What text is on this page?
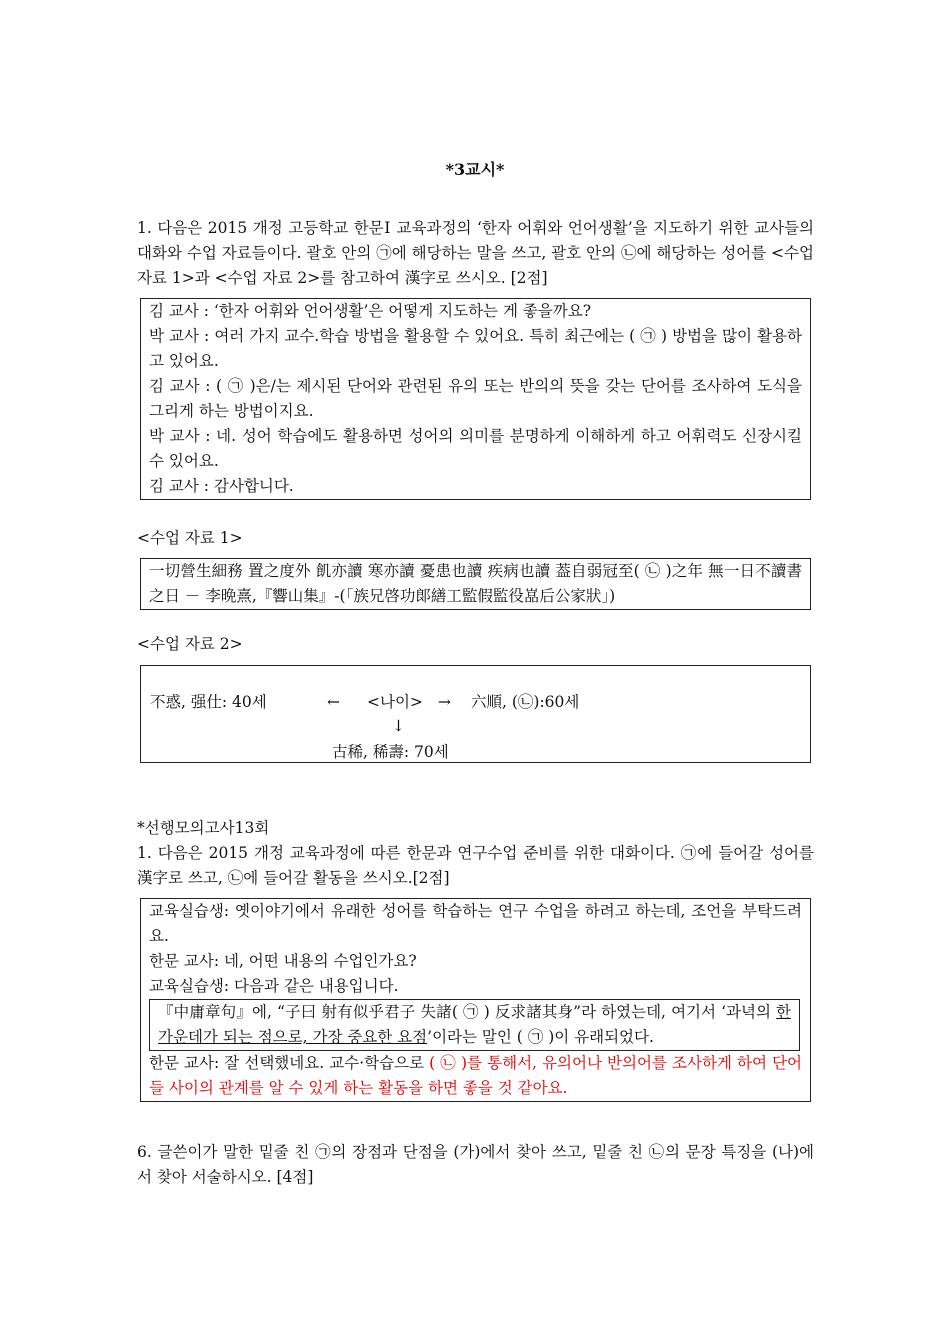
*3교시*
1. 다음은 2015 개정 고등학교 한문Ⅰ 교육과정의 ‘한자 어휘와 언어생활’을 지도하기 위한 교사들의 대화와 수업 자료들이다. 괄호 안의 ㉠에 해당하는 말을 쓰고, 괄호 안의 ㉡에 해당하는 성어를 <수업 자료 1>과 <수업 자료 2>를 참고하여 漢字로 쓰시오. [2점]

김 교사 : ‘한자 어휘와 언어생활’은 어떻게 지도하는 게 좋을까요?

박 교사 : 여러 가지 교수.학습 방법을 활용할 수 있어요. 특히 최근에는 ( ㉠ ) 방법을 많이 활용하고 있어요.

김 교사 : ( ㉠ )은/는 제시된 단어와 관련된 유의 또는 반의의 뜻을 갖는 단어를 조사하여 도식을 그리게 하는 방법이지요.

박 교사 : 네. 성어 학습에도 활용하면 성어의 의미를 분명하게 이해하게 하고 어휘력도 신장시킬 수 있어요.

김 교사 : 감사합니다.

<수업 자료 1>

一切營生細務 置之度外 飢亦讀 寒亦讀 憂患也讀 疾病也讀 葢自弱冠至( ㉡ )之年 無一日不讀書之日 － 李晩熹,『響山集』-(「族兄啓功郞繕工監假監役嵓后公家狀」)

<수업 자료 2>
不惑, 强仕: 40세	← <나이> → 六順, (㉡):60세
↓
古稀, 稀壽: 70세
*선행모의고사13회
1. 다음은 2015 개정 교육과정에 따른 한문과 연구수업 준비를 위한 대화이다. ㉠에 들어갈 성어를 漢字로 쓰고, ㉡에 들어갈 활동을 쓰시오.[2점]

교육실습생: 옛이야기에서 유래한 성어를 학습하는 연구 수업을 하려고 하는데, 조언을 부탁드려요.

한문 교사: 네, 어떤 내용의 수업인가요?

교육실습생: 다음과 같은 내용입니다.

『中庸章句』에, “子曰 射有似乎君子 失諸( ㉠ ) 反求諸其身”라 하였는데, 여기서 ‘과녁의 한가운데가 되는 점으로, 가장 중요한 요점’이라는 말인 ( ㉠ )이 유래되었다.

한문 교사: 잘 선택했네요. 교수·학습으로 ( ㉡ )를 통해서, 유의어나 반의어를 조사하게 하여 단어들 사이의 관계를 알 수 있게 하는 활동을 하면 좋을 것 같아요.

6. 글쓴이가 말한 밑줄 친 ㉠의 장점과 단점을 (가)에서 찾아 쓰고, 밑줄 친 ㉡의 문장 특징을 (나)에서 찾아 서술하시오. [4점]
